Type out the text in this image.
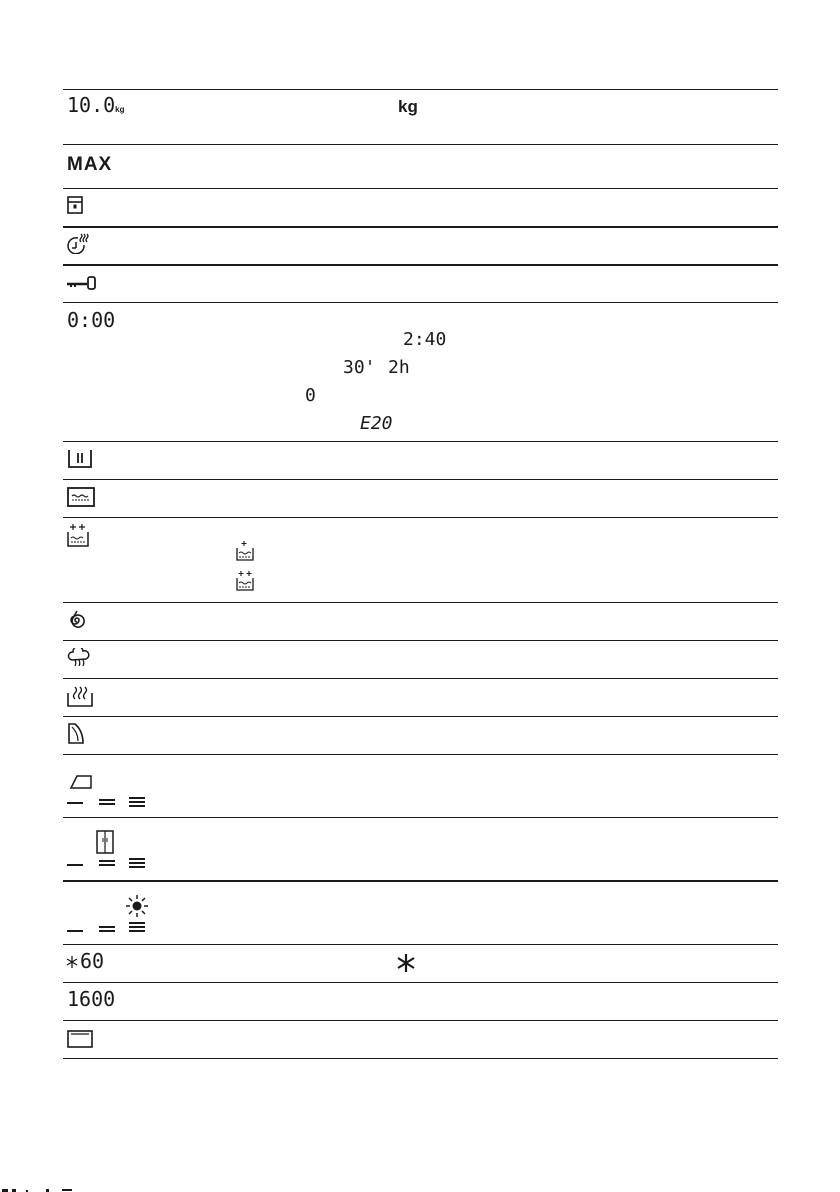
10.0kg	kg
MAX
0:00
2:40
30' 2h
0
E20
60
1600
